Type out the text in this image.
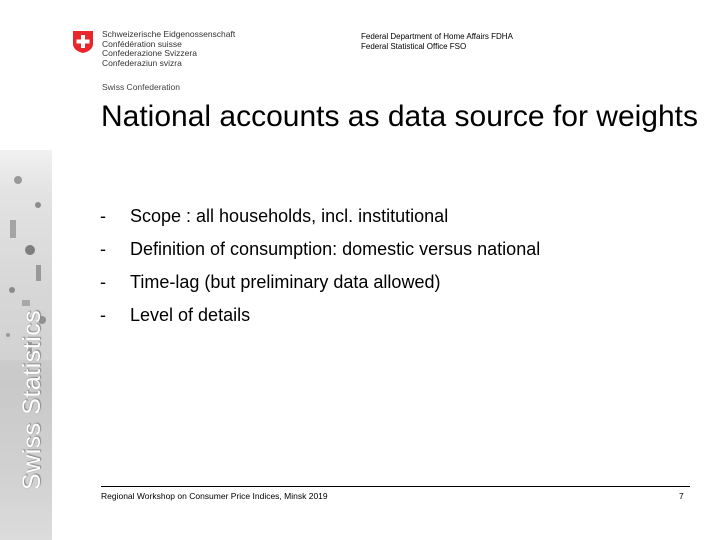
Swiss Statistics
Schweizerische Eidgenossenschaft
Confédération suisse
Confederazione Svizzera
Confederaziun svizra
Swiss Confederation
Federal Department of Home Affairs FDHA
Federal Statistical Office FSO
National accounts as data source for weights
-	Scope : all households, incl. institutional
-	Definition of consumption: domestic versus national
-	Time-lag (but preliminary data allowed)
-	Level of details
Regional Workshop on Consumer Price Indices, Minsk 2019	7
